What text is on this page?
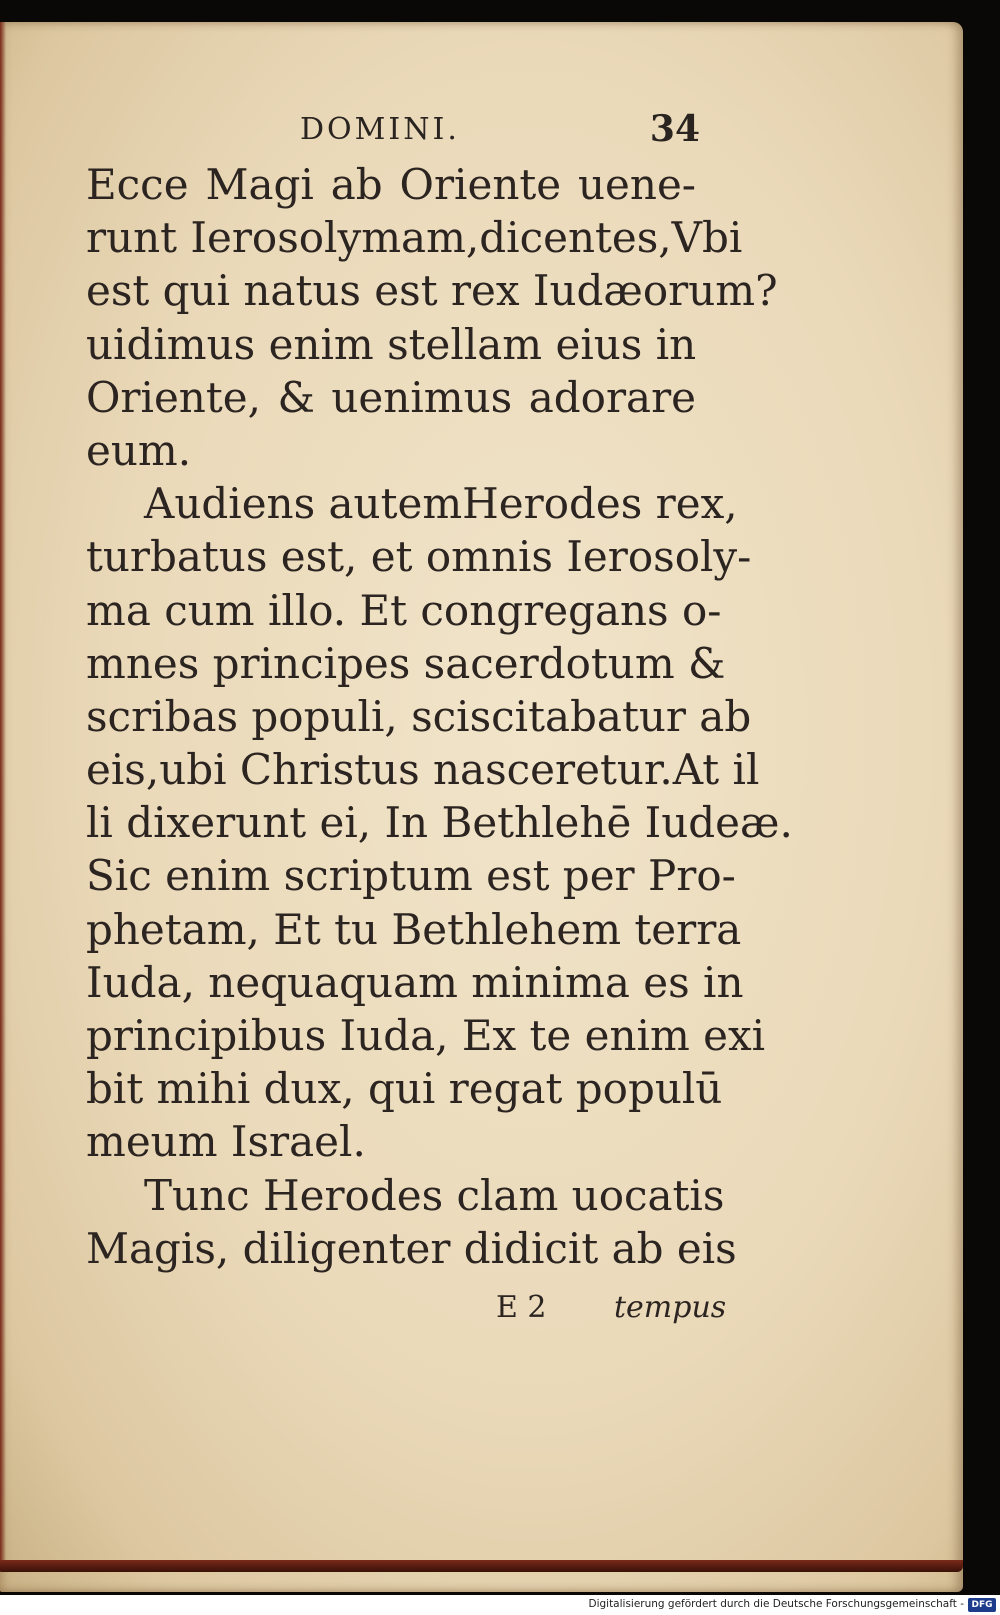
DOMINI.	34
Ecce Magi ab Oriente uene-
runt Ierosolymam,dicentes,Vbi
est qui natus est rex Iudæorum?
uidimus enim stellam eius in
Oriente, & uenimus adorare
eum.
Audiens autemHerodes rex,
turbatus est, et omnis Ierosoly-
ma cum illo. Et congregans o-
mnes principes sacerdotum &
scribas populi, sciscitabatur ab
eis,ubi Christus nasceretur.At il
li dixerunt ei, In Bethlehē Iudeæ.
Sic enim scriptum est per Pro-
phetam, Et tu Bethlehem terra
Iuda, nequaquam minima es in
principibus Iuda, Ex te enim exi
bit mihi dux, qui regat populū
meum Israel.
Tunc Herodes clam uocatis
Magis, diligenter didicit ab eis
E 2 tempus
Digitalisierung gefördert durch die Deutsche Forschungsgemeinschaft - DFG
